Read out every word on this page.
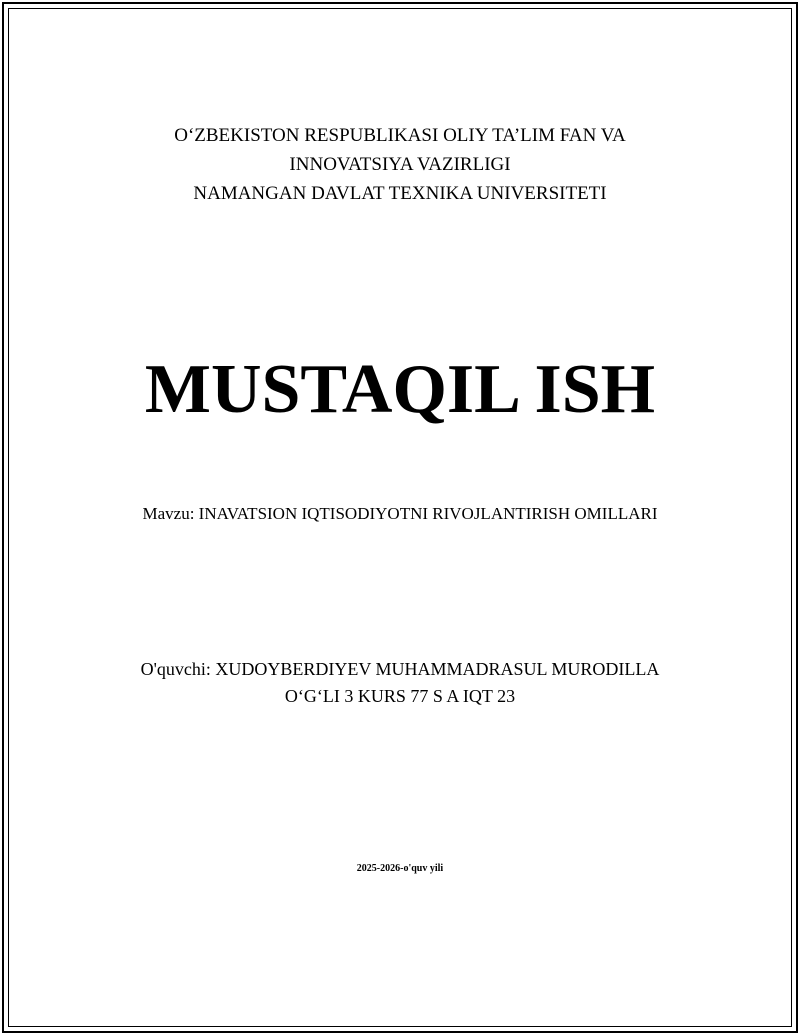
O‘ZBEKISTON RESPUBLIKASI OLIY TA’LIM FAN VA
INNOVATSIYA VAZIRLIGI
NAMANGAN DAVLAT TEXNIKA UNIVERSITETI
MUSTAQIL ISH
Mavzu: INAVATSION IQTISODIYOTNI RIVOJLANTIRISH OMILLARI
O'quvchi: XUDOYBERDIYEV MUHAMMADRASUL MURODILLA
O‘G‘LI 3 KURS 77 S A IQT 23
2025-2026-o'quv yili
